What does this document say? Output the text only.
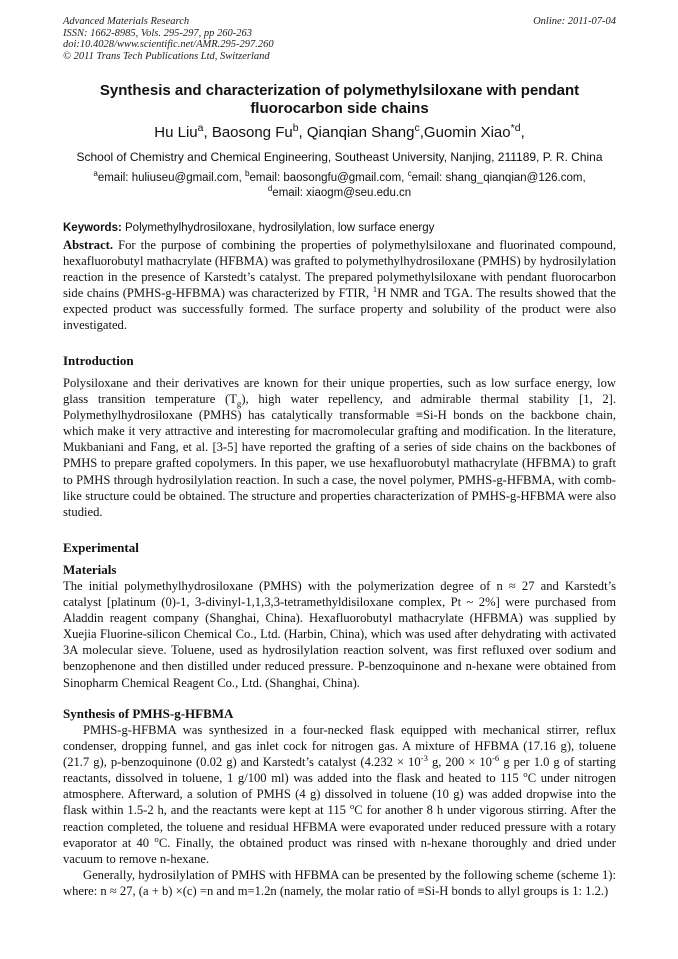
Advanced Materials Research
ISSN: 1662-8985, Vols. 295-297, pp 260-263
doi:10.4028/www.scientific.net/AMR.295-297.260
© 2011 Trans Tech Publications Ltd, Switzerland
Online: 2011-07-04
Synthesis and characterization of polymethylsiloxane with pendant fluorocarbon side chains
Hu Liu$^a$, Baosong Fu$^b$, Qianqian Shang$^c$,Guomin Xiao$^{*d}$,
School of Chemistry and Chemical Engineering, Southeast University, Nanjing, 211189, P. R. China
$^a$email: huliuseu@gmail.com, $^b$email: baosongfu@gmail.com, $^c$email: shang_qianqian@126.com,
$^d$email: xiaogm@seu.edu.cn
Keywords: Polymethylhydrosiloxane, hydrosilylation, low surface energy

Abstract. For the purpose of combining the properties of polymethylsiloxane and fluorinated compound, hexafluorobutyl mathacrylate (HFBMA) was grafted to polymethylhydrosiloxane (PMHS) by hydrosilylation reaction in the presence of Karstedt’s catalyst. The prepared polymethylsiloxane with pendant fluorocarbon side chains (PMHS-g-HFBMA) was characterized by FTIR, $^1$H NMR and TGA. The results showed that the expected product was successfully formed. The surface property and solubility of the product were also investigated.

Introduction

Polysiloxane and their derivatives are known for their unique properties, such as low surface energy, low glass transition temperature $(T_g)$, high water repellency, and admirable thermal stability [1, 2]. Polymethylhydrosiloxane (PMHS) has catalytically transformable ≡Si-H bonds on the backbone chain, which make it very attractive and interesting for macromolecular grafting and modification. In the literature, Mukbaniani and Fang, et al. [3-5] have reported the grafting of a series of side chains on the backbones of PMHS to prepare grafted copolymers. In this paper, we use hexafluorobutyl mathacrylate (HFBMA) to graft to PMHS through hydrosilylation reaction. In such a case, the novel polymer, PMHS-g-HFBMA, with comb-like structure could be obtained. The structure and properties characterization of PMHS-g-HFBMA were also studied.

Experimental
Materials

The initial polymethylhydrosiloxane (PMHS) with the polymerization degree of n ≈ 27 and Karstedt’s catalyst [platinum (0)-1, 3-divinyl-1,1,3,3-tetramethyldisiloxane complex, Pt ~ 2%] were purchased from Aladdin reagent company (Shanghai, China). Hexafluorobutyl mathacrylate (HFBMA) was supplied by Xuejia Fluorine-silicon Chemical Co., Ltd. (Harbin, China), which was used after dehydrating with activated 3A molecular sieve. Toluene, used as hydrosilylation reaction solvent, was first refluxed over sodium and benzophenone and then distilled under reduced pressure. P-benzoquinone and n-hexane were obtained from Sinopharm Chemical Reagent Co., Ltd. (Shanghai, China).

Synthesis of PMHS-g-HFBMA

PMHS-g-HFBMA was synthesized in a four-necked flask equipped with mechanical stirrer, reflux condenser, dropping funnel, and gas inlet cock for nitrogen gas. A mixture of HFBMA (17.16 g), toluene (21.7 g), p-benzoquinone (0.02 g) and Karstedt’s catalyst ($4.232 \times 10^{-3}$ g, $200 \times 10^{-6}$ g per 1.0 g of starting reactants, dissolved in toluene, 1 g/100 ml) was added into the flask and heated to 115 $^o$C under nitrogen atmosphere. Afterward, a solution of PMHS (4 g) dissolved in toluene (10 g) was added dropwise into the flask within 1.5-2 h, and the reactants were kept at 115 $^o$C for another 8 h under vigorous stirring. After the reaction completed, the toluene and residual HFBMA were evaporated under reduced pressure with a rotary evaporator at 40 $^o$C. Finally, the obtained product was rinsed with n-hexane thoroughly and dried under vacuum to remove n-hexane.

Generally, hydrosilylation of PMHS with HFBMA can be presented by the following scheme (scheme 1): where: n ≈ 27, (a + b) ×(c) =n and m=1.2n (namely, the molar ratio of ≡Si-H bonds to allyl groups is 1: 1.2.)
